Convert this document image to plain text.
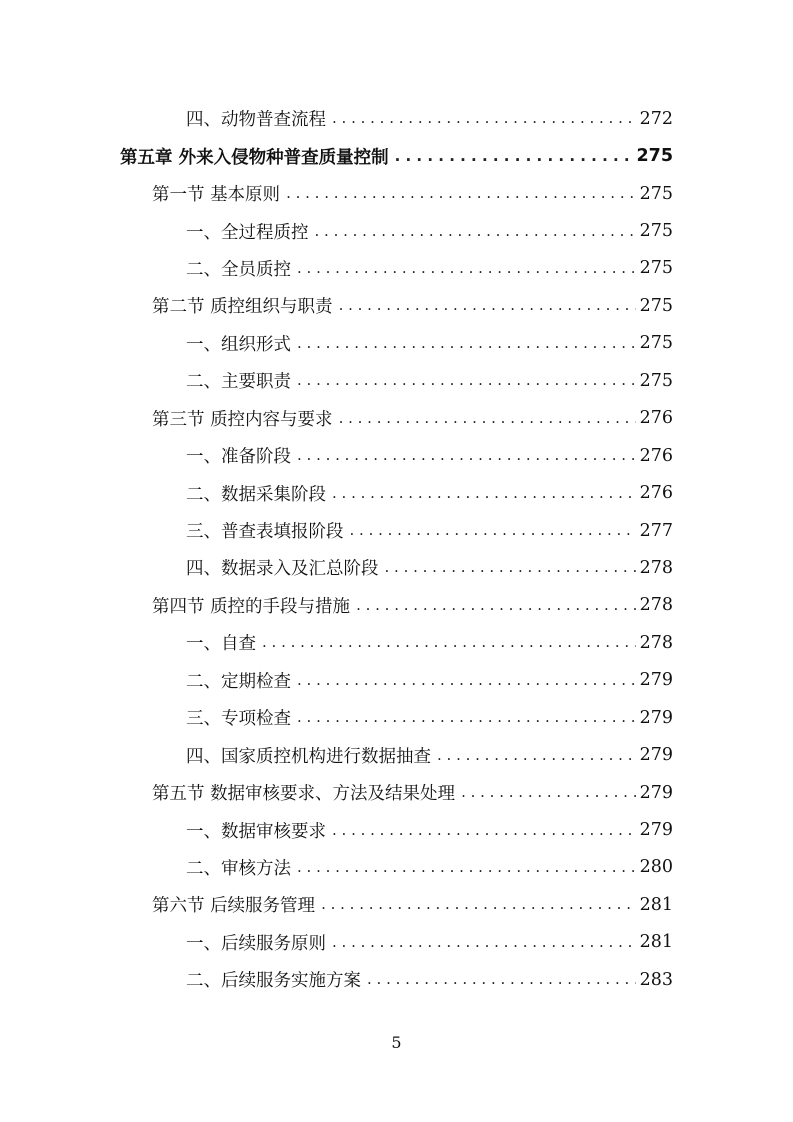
四、动物普查流程 . . .	272
第五章 外来入侵物种普查质量控制 . . .	275
第一节 基本原则 . . .	275
一、全过程质控 . . .	275
二、全员质控 . . .	275
第二节 质控组织与职责 . . .	275
一、组织形式 . . .	275
二、主要职责 . . .	275
第三节 质控内容与要求 . . .	276
一、准备阶段 . . .	276
二、数据采集阶段 . . .	276
三、普查表填报阶段 . . .	277
四、数据录入及汇总阶段 . . .	278
第四节 质控的手段与措施 . . .	278
一、自查 . . .	278
二、定期检查 . . .	279
三、专项检查 . . .	279
四、国家质控机构进行数据抽查 . . .	279
第五节 数据审核要求、方法及结果处理 . . .	279
一、数据审核要求 . . .	279
二、审核方法 . . .	280
第六节 后续服务管理 . . .	281
一、后续服务原则 . . .	281
二、后续服务实施方案 . . .	283
5
